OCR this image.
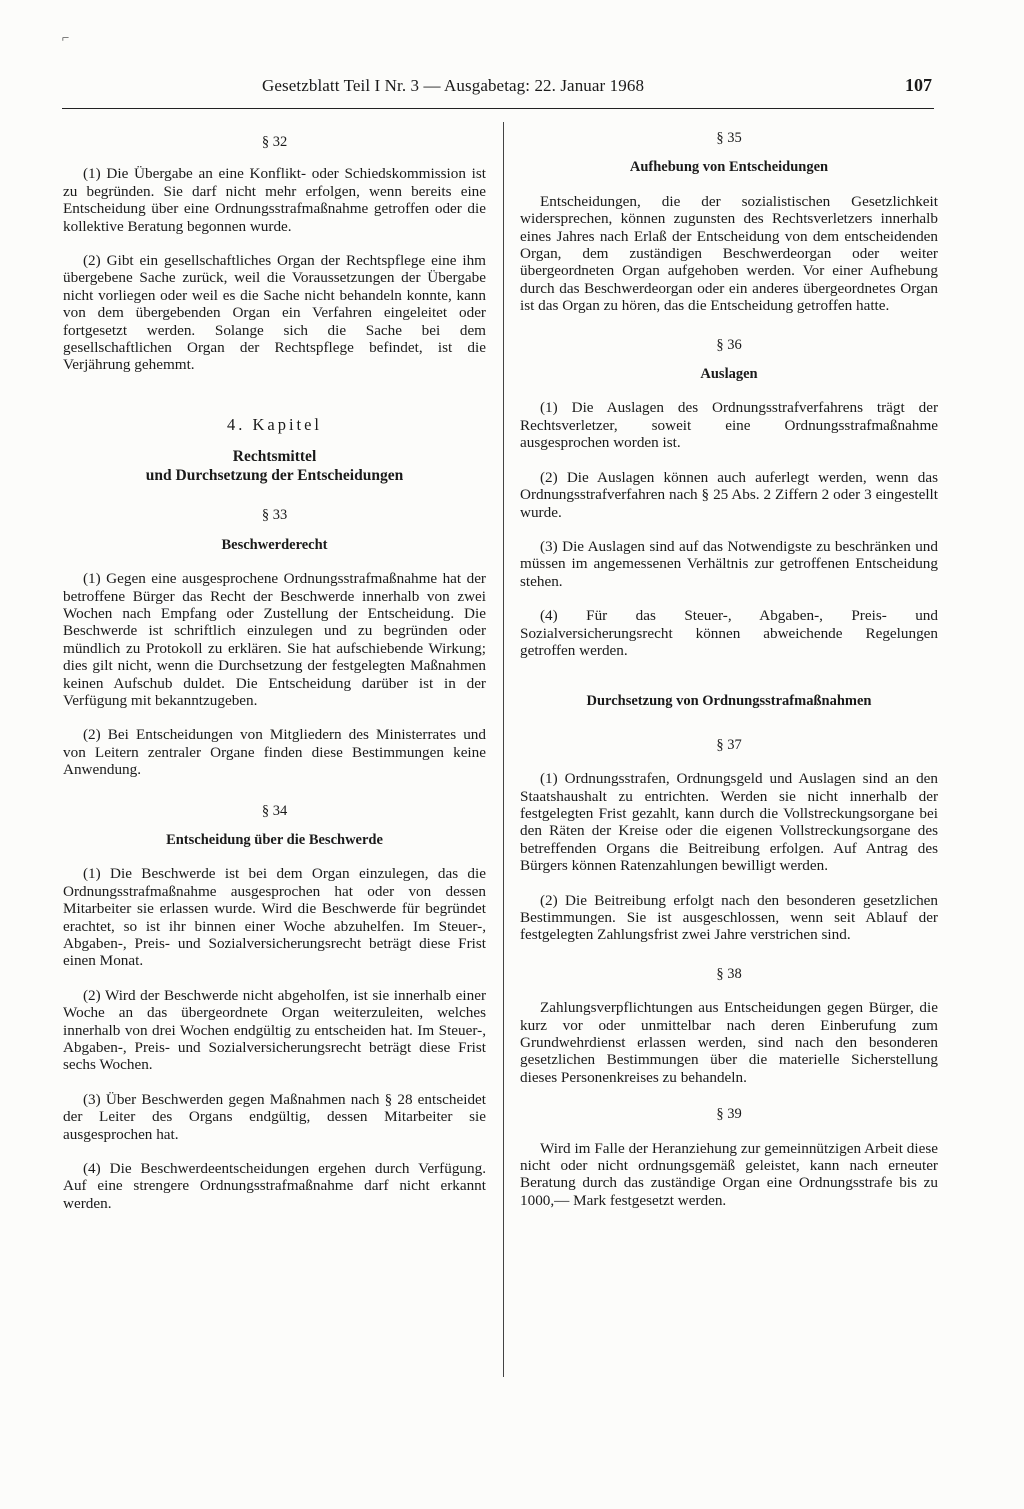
⌐
Gesetzblatt Teil I Nr. 3 — Ausgabetag: 22. Januar 1968	107

§ 32

(1) Die Übergabe an eine Konflikt- oder Schiedskommission ist zu begründen. Sie darf nicht mehr erfolgen, wenn bereits eine Entscheidung über eine Ordnungsstrafmaßnahme getroffen oder die kollektive Beratung begonnen wurde.

(2) Gibt ein gesellschaftliches Organ der Rechtspflege eine ihm übergebene Sache zurück, weil die Voraussetzungen der Übergabe nicht vorliegen oder weil es die Sache nicht behandeln konnte, kann von dem übergebenden Organ ein Verfahren eingeleitet oder fortgesetzt werden. Solange sich die Sache bei dem gesellschaftlichen Organ der Rechtspflege befindet, ist die Verjährung gehemmt.

4. Kapitel

Rechtsmittel

und Durchsetzung der Entscheidungen

§ 33

Beschwerderecht

(1) Gegen eine ausgesprochene Ordnungsstrafmaßnahme hat der betroffene Bürger das Recht der Beschwerde innerhalb von zwei Wochen nach Empfang oder Zustellung der Entscheidung. Die Beschwerde ist schriftlich einzulegen und zu begründen oder mündlich zu Protokoll zu erklären. Sie hat aufschiebende Wirkung; dies gilt nicht, wenn die Durchsetzung der festgelegten Maßnahmen keinen Aufschub duldet. Die Entscheidung darüber ist in der Verfügung mit bekanntzugeben.

(2) Bei Entscheidungen von Mitgliedern des Ministerrates und von Leitern zentraler Organe finden diese Bestimmungen keine Anwendung.

§ 34

Entscheidung über die Beschwerde

(1) Die Beschwerde ist bei dem Organ einzulegen, das die Ordnungsstrafmaßnahme ausgesprochen hat oder von dessen Mitarbeiter sie erlassen wurde. Wird die Beschwerde für begründet erachtet, so ist ihr binnen einer Woche abzuhelfen. Im Steuer-, Abgaben-, Preis- und Sozialversicherungsrecht beträgt diese Frist einen Monat.

(2) Wird der Beschwerde nicht abgeholfen, ist sie innerhalb einer Woche an das übergeordnete Organ weiterzuleiten, welches innerhalb von drei Wochen endgültig zu entscheiden hat. Im Steuer-, Abgaben-, Preis- und Sozialversicherungsrecht beträgt diese Frist sechs Wochen.

(3) Über Beschwerden gegen Maßnahmen nach § 28 entscheidet der Leiter des Organs endgültig, dessen Mitarbeiter sie ausgesprochen hat.

(4) Die Beschwerdeentscheidungen ergehen durch Verfügung. Auf eine strengere Ordnungsstrafmaßnahme darf nicht erkannt werden.

§ 35

Aufhebung von Entscheidungen

Entscheidungen, die der sozialistischen Gesetzlichkeit widersprechen, können zugunsten des Rechtsverletzers innerhalb eines Jahres nach Erlaß der Entscheidung von dem entscheidenden Organ, dem zuständigen Beschwerdeorgan oder weiter übergeordneten Organ aufgehoben werden. Vor einer Aufhebung durch das Beschwerdeorgan oder ein anderes übergeordnetes Organ ist das Organ zu hören, das die Entscheidung getroffen hatte.

§ 36

Auslagen

(1) Die Auslagen des Ordnungsstrafverfahrens trägt der Rechtsverletzer, soweit eine Ordnungsstrafmaßnahme ausgesprochen worden ist.

(2) Die Auslagen können auch auferlegt werden, wenn das Ordnungsstrafverfahren nach § 25 Abs. 2 Ziffern 2 oder 3 eingestellt wurde.

(3) Die Auslagen sind auf das Notwendigste zu beschränken und müssen im angemessenen Verhältnis zur getroffenen Entscheidung stehen.

(4) Für das Steuer-, Abgaben-, Preis- und Sozialversicherungsrecht können abweichende Regelungen getroffen werden.

Durchsetzung von Ordnungsstrafmaßnahmen

§ 37

(1) Ordnungsstrafen, Ordnungsgeld und Auslagen sind an den Staatshaushalt zu entrichten. Werden sie nicht innerhalb der festgelegten Frist gezahlt, kann durch die Vollstreckungsorgane bei den Räten der Kreise oder die eigenen Vollstreckungsorgane des betreffenden Organs die Beitreibung erfolgen. Auf Antrag des Bürgers können Ratenzahlungen bewilligt werden.

(2) Die Beitreibung erfolgt nach den besonderen gesetzlichen Bestimmungen. Sie ist ausgeschlossen, wenn seit Ablauf der festgelegten Zahlungsfrist zwei Jahre verstrichen sind.

§ 38

Zahlungsverpflichtungen aus Entscheidungen gegen Bürger, die kurz vor oder unmittelbar nach deren Einberufung zum Grundwehrdienst erlassen werden, sind nach den besonderen gesetzlichen Bestimmungen über die materielle Sicherstellung dieses Personenkreises zu behandeln.

§ 39

Wird im Falle der Heranziehung zur gemeinnützigen Arbeit diese nicht oder nicht ordnungsgemäß geleistet, kann nach erneuter Beratung durch das zuständige Organ eine Ordnungsstrafe bis zu 1000,— Mark festgesetzt werden.
